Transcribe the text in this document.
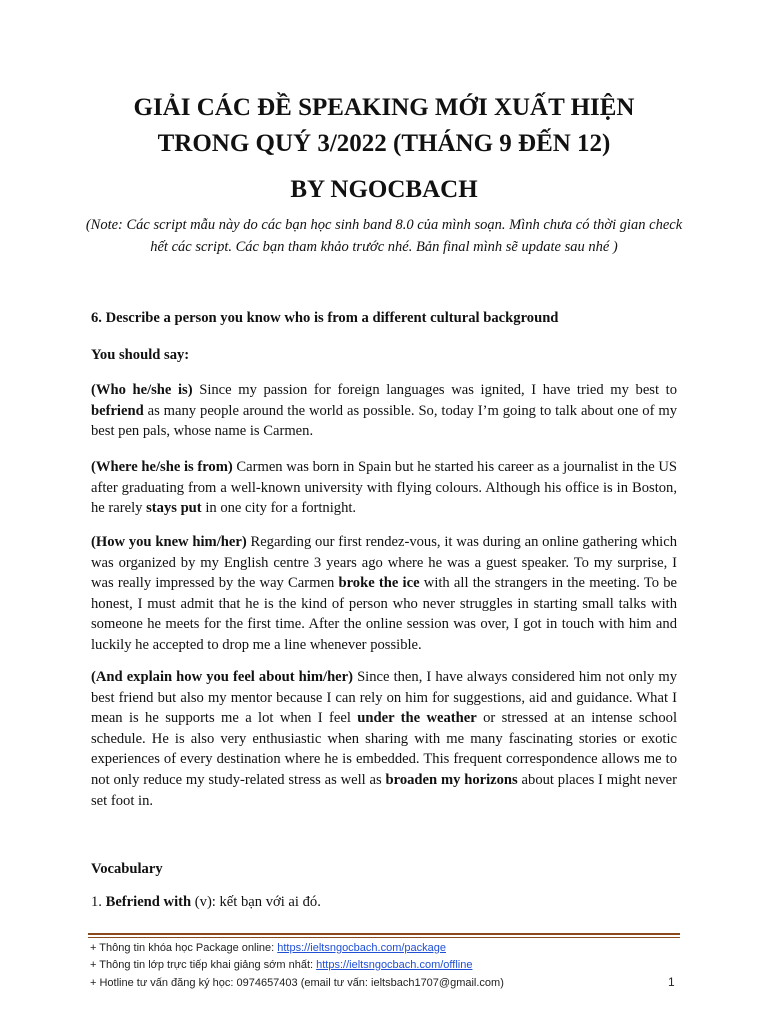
GIẢI CÁC ĐỀ SPEAKING MỚI XUẤT HIỆN
TRONG QUÝ 3/2022 (THÁNG 9 ĐẾN 12)
BY NGOCBACH

(Note: Các script mẫu này do các bạn học sinh band 8.0 của mình soạn. Mình chưa có thời gian check hết các script. Các bạn tham khảo trước nhé. Bản final mình sẽ update sau nhé )

6. Describe a person you know who is from a different cultural background

You should say:

(Who he/she is) Since my passion for foreign languages was ignited, I have tried my best to befriend as many people around the world as possible. So, today I’m going to talk about one of my best pen pals, whose name is Carmen.

(Where he/she is from) Carmen was born in Spain but he started his career as a journalist in the US after graduating from a well-known university with flying colours. Although his office is in Boston, he rarely stays put in one city for a fortnight.

(How you knew him/her) Regarding our first rendez-vous, it was during an online gathering which was organized by my English centre 3 years ago where he was a guest speaker. To my surprise, I was really impressed by the way Carmen broke the ice with all the strangers in the meeting. To be honest, I must admit that he is the kind of person who never struggles in starting small talks with someone he meets for the first time. After the online session was over, I got in touch with him and luckily he accepted to drop me a line whenever possible.

(And explain how you feel about him/her) Since then, I have always considered him not only my best friend but also my mentor because I can rely on him for suggestions, aid and guidance. What I mean is he supports me a lot when I feel under the weather or stressed at an intense school schedule. He is also very enthusiastic when sharing with me many fascinating stories or exotic experiences of every destination where he is embedded. This frequent correspondence allows me to not only reduce my study-related stress as well as broaden my horizons about places I might never set foot in.

Vocabulary

1. Befriend with (v): kết bạn với ai đó.

+ Thông tin khóa học Package online: https://ieltsngocbach.com/package
+ Thông tin lớp trực tiếp khai giảng sớm nhất: https://ieltsngocbach.com/offline
+ Hotline tư vấn đăng ký học: 0974657403 (email tư vấn: ieltsbach1707@gmail.com)	1
